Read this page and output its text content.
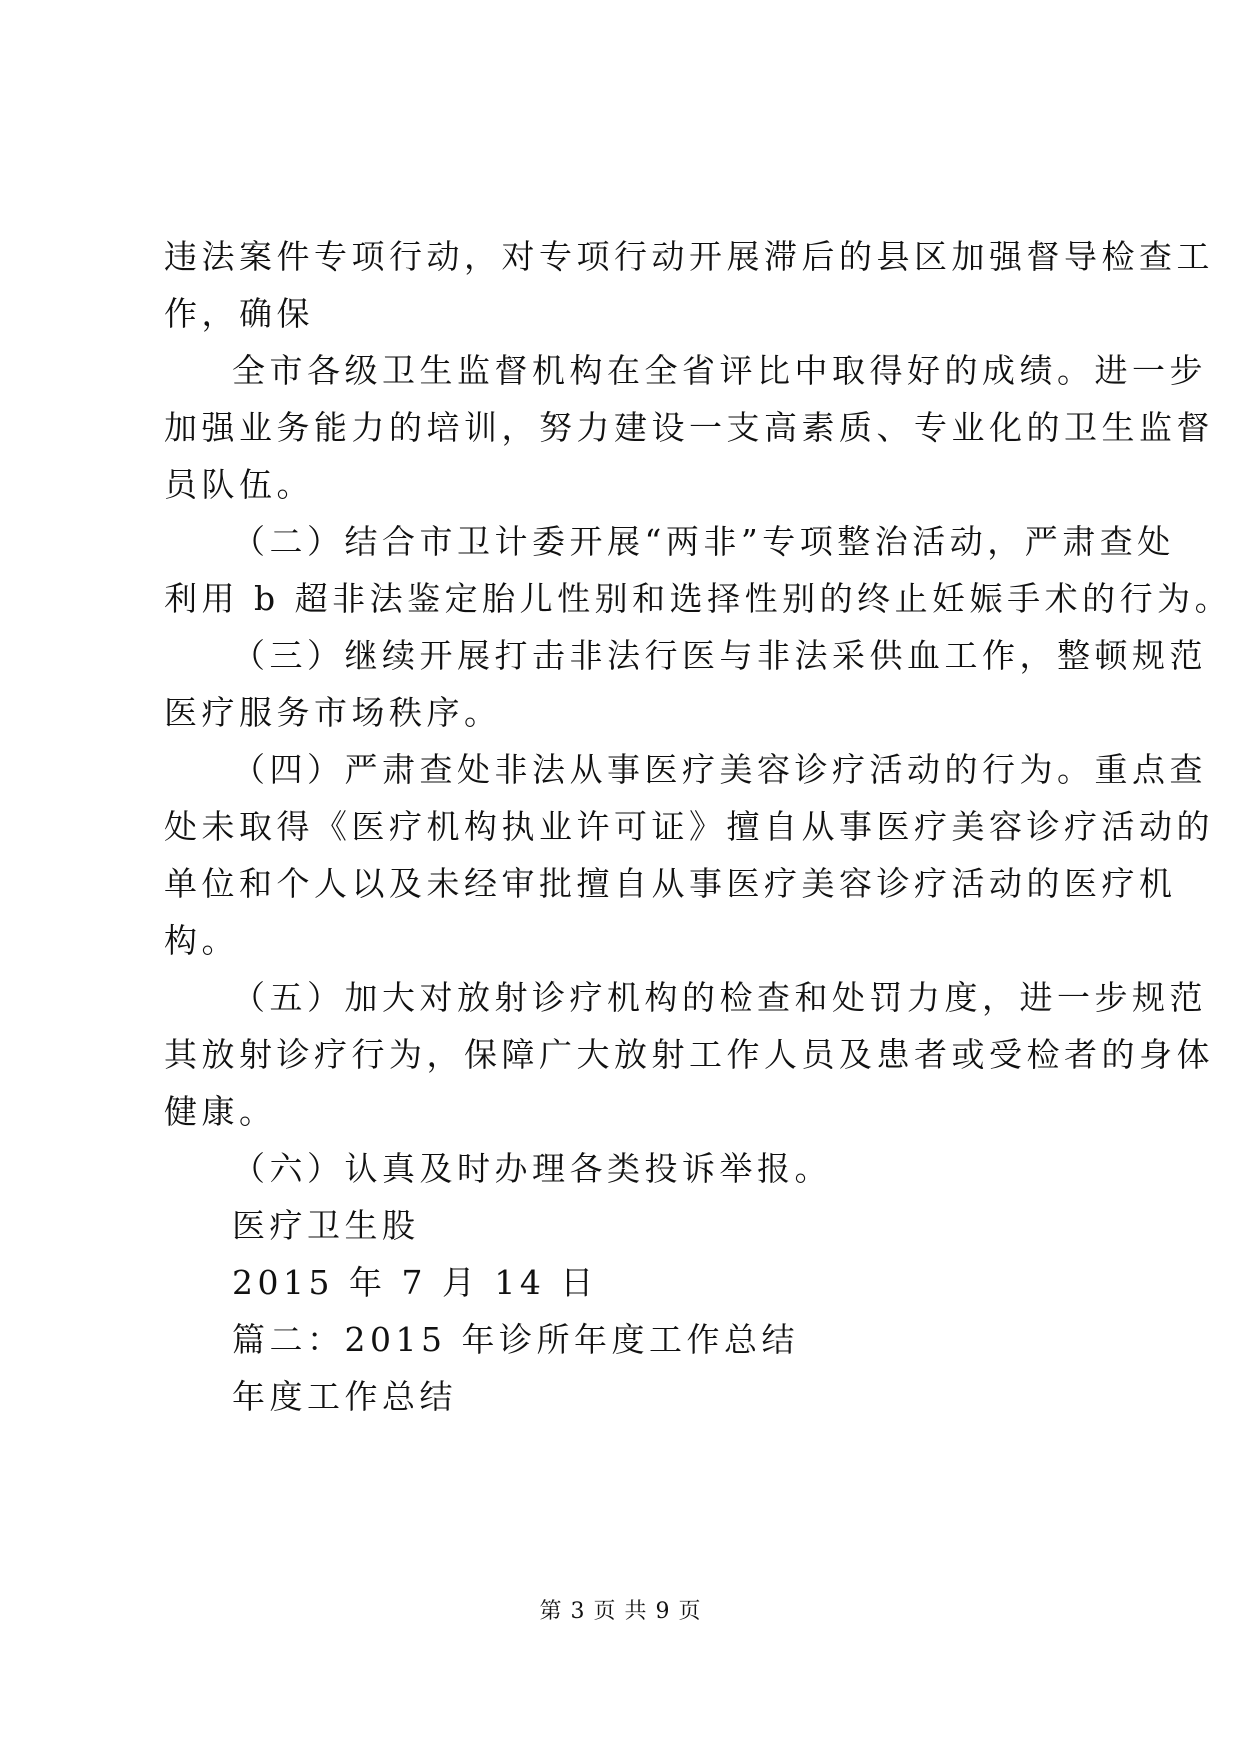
违法案件专项行动，对专项行动开展滞后的县区加强督导检查工
作，确保
全市各级卫生监督机构在全省评比中取得好的成绩。进一步
加强业务能力的培训，努力建设一支高素质、专业化的卫生监督
员队伍。
（二）结合市卫计委开展“两非”专项整治活动，严肃查处
利用 b 超非法鉴定胎儿性别和选择性别的终止妊娠手术的行为。
（三）继续开展打击非法行医与非法采供血工作，整顿规范
医疗服务市场秩序。
（四）严肃查处非法从事医疗美容诊疗活动的行为。重点查
处未取得《医疗机构执业许可证》擅自从事医疗美容诊疗活动的
单位和个人以及未经审批擅自从事医疗美容诊疗活动的医疗机
构。
（五）加大对放射诊疗机构的检查和处罚力度，进一步规范
其放射诊疗行为，保障广大放射工作人员及患者或受检者的身体
健康。
（六）认真及时办理各类投诉举报。
医疗卫生股
2015 年 7 月 14 日
篇二：2015 年诊所年度工作总结
年度工作总结
第 3 页 共 9 页
